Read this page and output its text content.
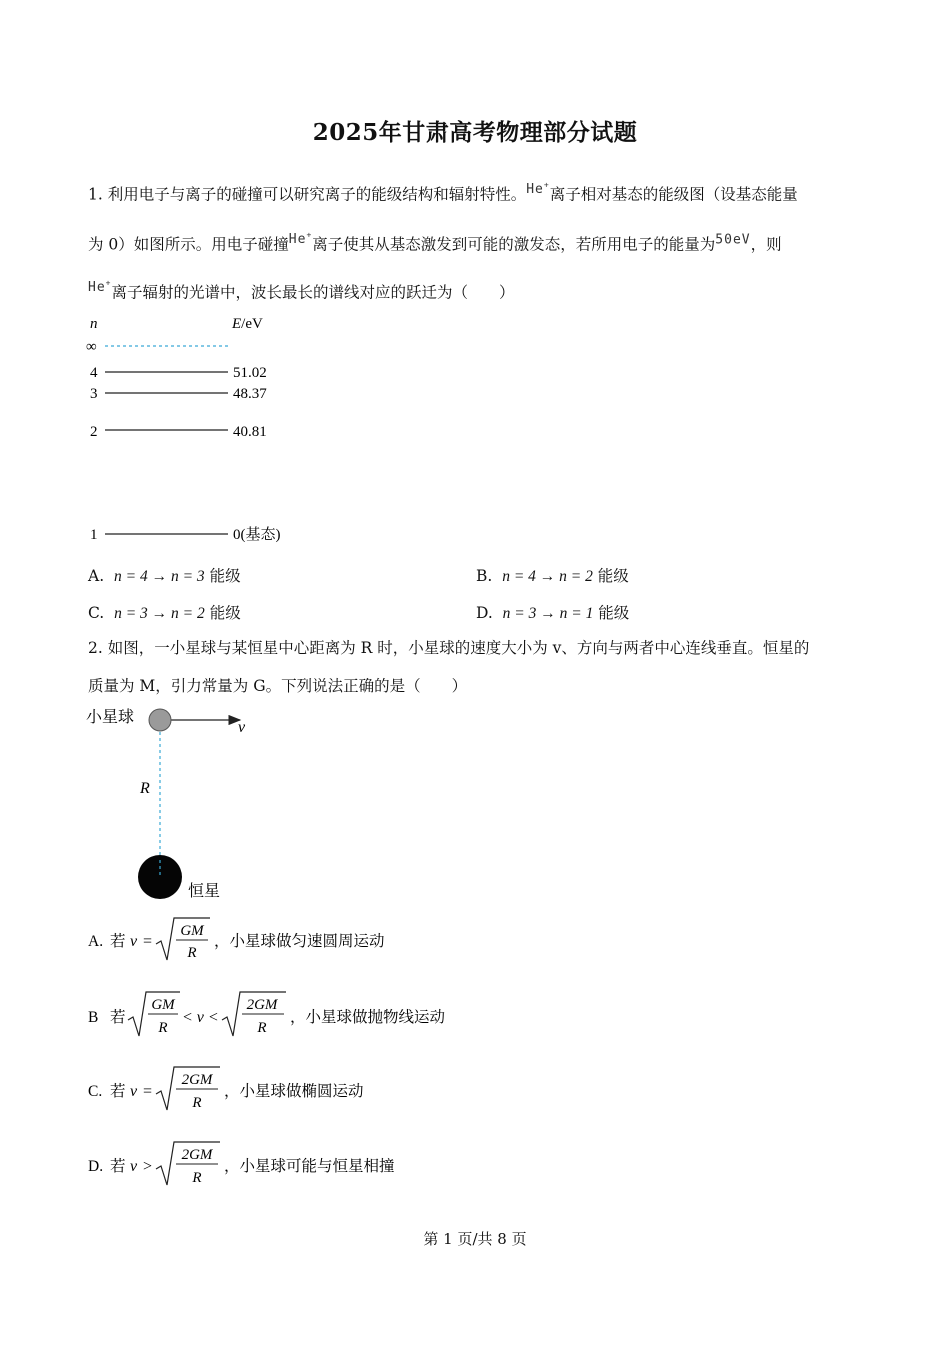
2025年甘肃高考物理部分试题
1. 利用电子与离子的碰撞可以研究离子的能级结构和辐射特性。$^{He^+}$离子相对基态的能级图（设基态能量
为 0）如图所示。用电子碰撞$^{He^+}$离子使其从基态激发到可能的激发态，若所用电子的能量为$^{50eV}$，则
$^{He^+}$离子辐射的光谱中，波长最长的谱线对应的跃迁为（　　）
n	E/eV
∞
4	51.02
3	48.37
2	40.81
1	0(基态)
A. n = 4 → n = 3 能级	B. n = 4 → n = 2 能级
C. n = 3 → n = 2 能级	D. n = 3 → n = 1 能级
2. 如图，一小星球与某恒星中心距离为 R 时，小星球的速度大小为 v、方向与两者中心连线垂直。恒星的
质量为 M，引力常量为 G。下列说法正确的是（　　）
小星球
v
R
恒星
A. 若 v =
GM
R
，小星球做匀速圆周运动
B 若
GM
R
< v <
2GM
R
，小星球做抛物线运动
C. 若 v =
2GM
R
，小星球做椭圆运动
D. 若 v >
2GM
R
，小星球可能与恒星相撞
第 1 页/共 8 页
